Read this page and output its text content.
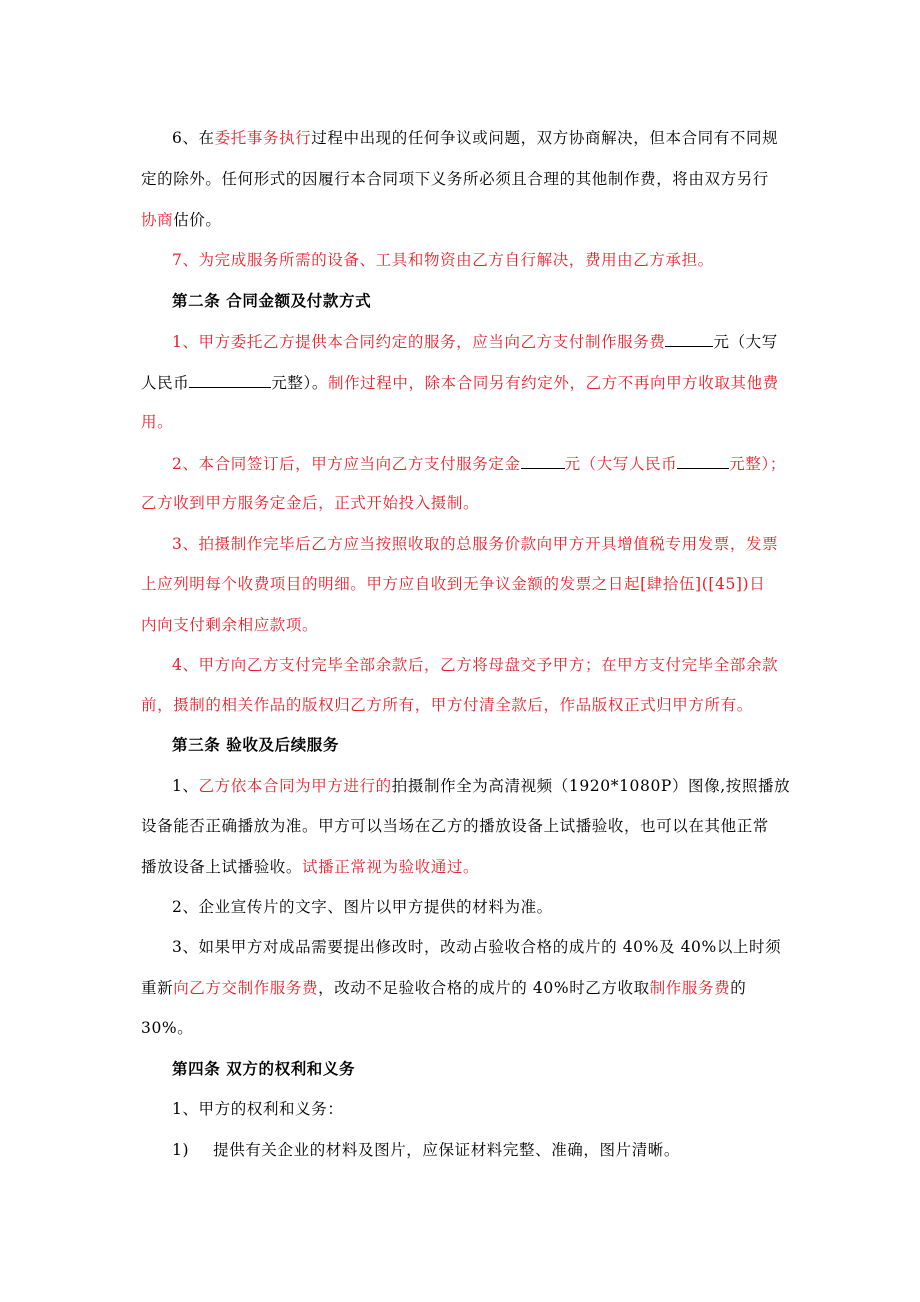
6、在委托事务执行过程中出现的任何争议或问题，双方协商解决，但本合同有不同规
定的除外。任何形式的因履行本合同项下义务所必须且合理的其他制作费，将由双方另行
协商估价。
7、为完成服务所需的设备、工具和物资由乙方自行解决，费用由乙方承担。
第二条 合同金额及付款方式
1、甲方委托乙方提供本合同约定的服务，应当向乙方支付制作服务费	元（大写
人民币	元整）。制作过程中，除本合同另有约定外，乙方不再向甲方收取其他费
用。
2、本合同签订后，甲方应当向乙方支付服务定金	元（大写人民币	元整）；
乙方收到甲方服务定金后，正式开始投入摄制。
3、拍摄制作完毕后乙方应当按照收取的总服务价款向甲方开具增值税专用发票，发票
上应列明每个收费项目的明细。甲方应自收到无争议金额的发票之日起[肆拾伍]([45])日
内向支付剩余相应款项。
4、甲方向乙方支付完毕全部余款后，乙方将母盘交予甲方；在甲方支付完毕全部余款
前，摄制的相关作品的版权归乙方所有，甲方付清全款后，作品版权正式归甲方所有。
第三条 验收及后续服务
1、乙方依本合同为甲方进行的拍摄制作全为高清视频（1920*1080P）图像,按照播放
设备能否正确播放为准。甲方可以当场在乙方的播放设备上试播验收，也可以在其他正常
播放设备上试播验收。试播正常视为验收通过。
2、企业宣传片的文字、图片以甲方提供的材料为准。
3、如果甲方对成品需要提出修改时，改动占验收合格的成片的 40%及 40%以上时须
重新向乙方交制作服务费，改动不足验收合格的成片的 40%时乙方收取制作服务费的
30%。
第四条 双方的权利和义务
1、甲方的权利和义务：
1) 提供有关企业的材料及图片，应保证材料完整、准确，图片清晰。
